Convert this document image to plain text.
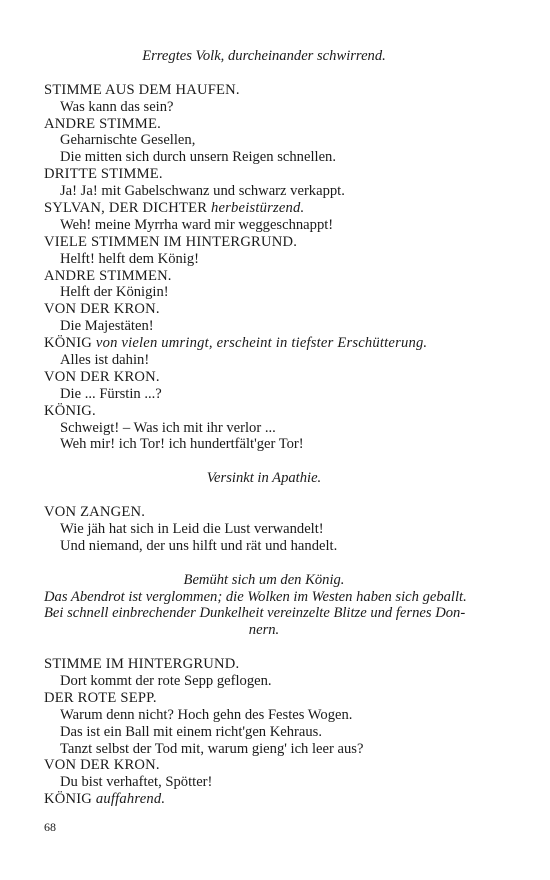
Erregtes Volk, durcheinander schwirrend.
STIMME AUS DEM HAUFEN.
Was kann das sein?
ANDRE STIMME.
Geharnischte Gesellen,
Die mitten sich durch unsern Reigen schnellen.
DRITTE STIMME.
Ja! Ja! mit Gabelschwanz und schwarz verkappt.
SYLVAN, DER DICHTER herbeistürzend.
Weh! meine Myrrha ward mir weggeschnappt!
VIELE STIMMEN IM HINTERGRUND.
Helft! helft dem König!
ANDRE STIMMEN.
Helft der Königin!
VON DER KRON.
Die Majestäten!
KÖNIG von vielen umringt, erscheint in tiefster Erschütterung.
Alles ist dahin!
VON DER KRON.
Die ... Fürstin ...?
KÖNIG.
Schweigt! – Was ich mit ihr verlor ...
Weh mir! ich Tor! ich hundertfält'ger Tor!
Versinkt in Apathie.
VON ZANGEN.
Wie jäh hat sich in Leid die Lust verwandelt!
Und niemand, der uns hilft und rät und handelt.
Bemüht sich um den König.
Das Abendrot ist verglommen; die Wolken im Westen haben sich geballt.
Bei schnell einbrechender Dunkelheit vereinzelte Blitze und fernes Don-
nern.
STIMME IM HINTERGRUND.
Dort kommt der rote Sepp geflogen.
DER ROTE SEPP.
Warum denn nicht? Hoch gehn des Festes Wogen.
Das ist ein Ball mit einem richt'gen Kehraus.
Tanzt selbst der Tod mit, warum gieng' ich leer aus?
VON DER KRON.
Du bist verhaftet, Spötter!
KÖNIG auffahrend.
68
